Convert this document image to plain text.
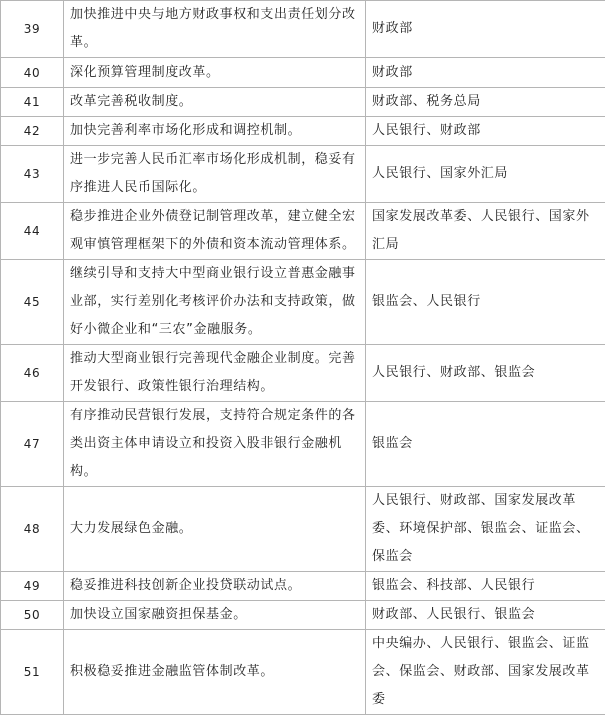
39	加快推进中央与地方财政事权和支出责任划分改革。	财政部
40	深化预算管理制度改革。	财政部
41	改革完善税收制度。	财政部、税务总局
42	加快完善利率市场化形成和调控机制。	人民银行、财政部
43	进一步完善人民币汇率市场化形成机制，稳妥有序推进人民币国际化。	人民银行、国家外汇局
44	稳步推进企业外债登记制管理改革，建立健全宏观审慎管理框架下的外债和资本流动管理体系。	国家发展改革委、人民银行、国家外汇局
45	继续引导和支持大中型商业银行设立普惠金融事业部，实行差别化考核评价办法和支持政策，做好小微企业和“三农”金融服务。	银监会、人民银行
46	推动大型商业银行完善现代金融企业制度。完善开发银行、政策性银行治理结构。	人民银行、财政部、银监会
47	有序推动民营银行发展，支持符合规定条件的各类出资主体申请设立和投资入股非银行金融机构。	银监会
48	大力发展绿色金融。	人民银行、财政部、国家发展改革委、环境保护部、银监会、证监会、保监会
49	稳妥推进科技创新企业投贷联动试点。	银监会、科技部、人民银行
50	加快设立国家融资担保基金。	财政部、人民银行、银监会
51	积极稳妥推进金融监管体制改革。	中央编办、人民银行、银监会、证监会、保监会、财政部、国家发展改革委
